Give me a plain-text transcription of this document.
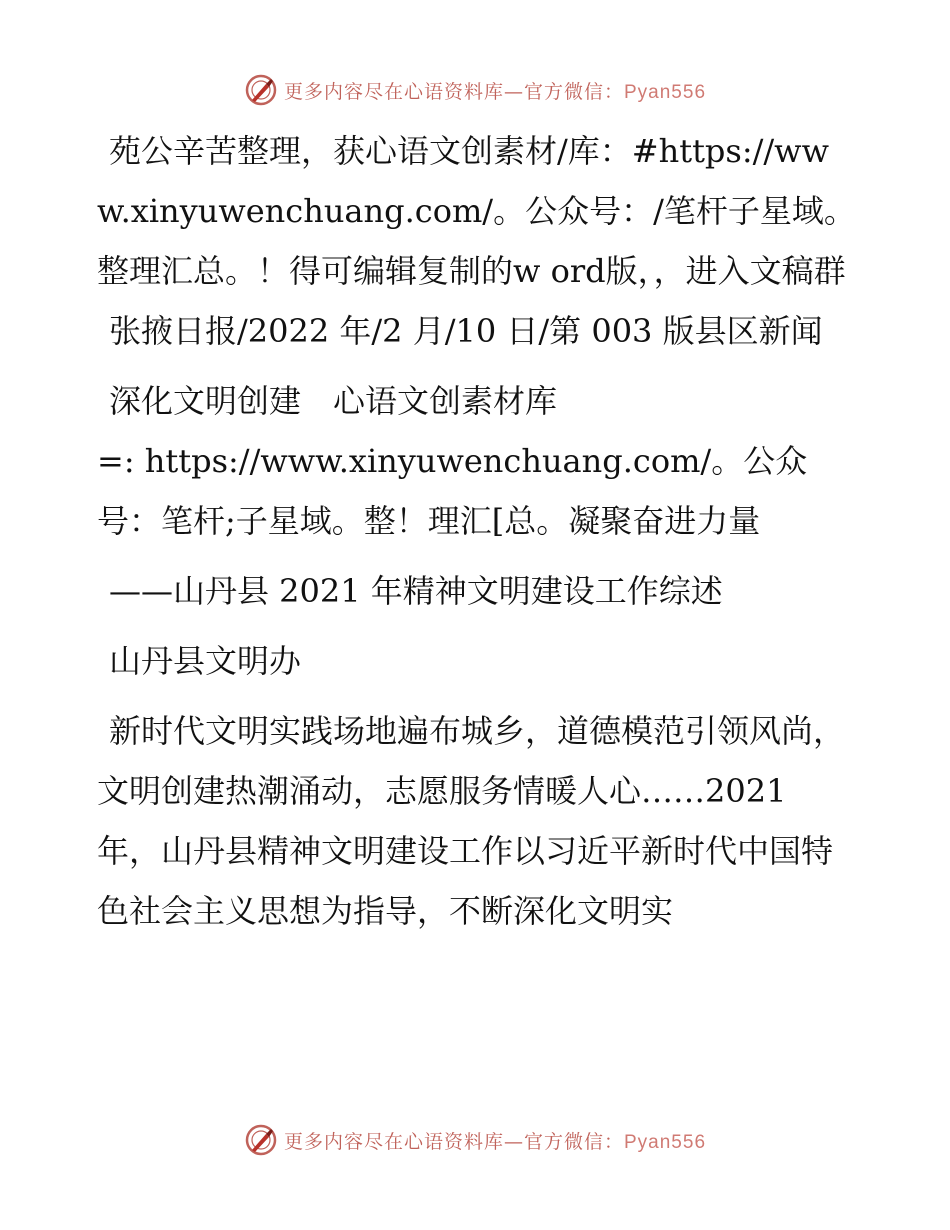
更多内容尽在心语资料库—官方微信：Pyan556

苑公辛苦整理，获心语文创素材/库：#https://www.xinyuwenchuang.com/。公众号：/笔杆子星域。整理汇总。！得可编辑复制的w ord版，，进入文稿群

张掖日报/2022 年/2 月/10 日/第 003 版县区新闻

深化文明创建　心语文创素材库

=: https://www.xinyuwenchuang.com/。公众号：笔杆;子星域。整！理汇[总。凝聚奋进力量

——山丹县 2021 年精神文明建设工作综述

山丹县文明办

新时代文明实践场地遍布城乡，道德模范引领风尚，文明创建热潮涌动，志愿服务情暖人心……2021 年，山丹县精神文明建设工作以习近平新时代中国特色社会主义思想为指导，不断深化文明实

更多内容尽在心语资料库—官方微信：Pyan556
